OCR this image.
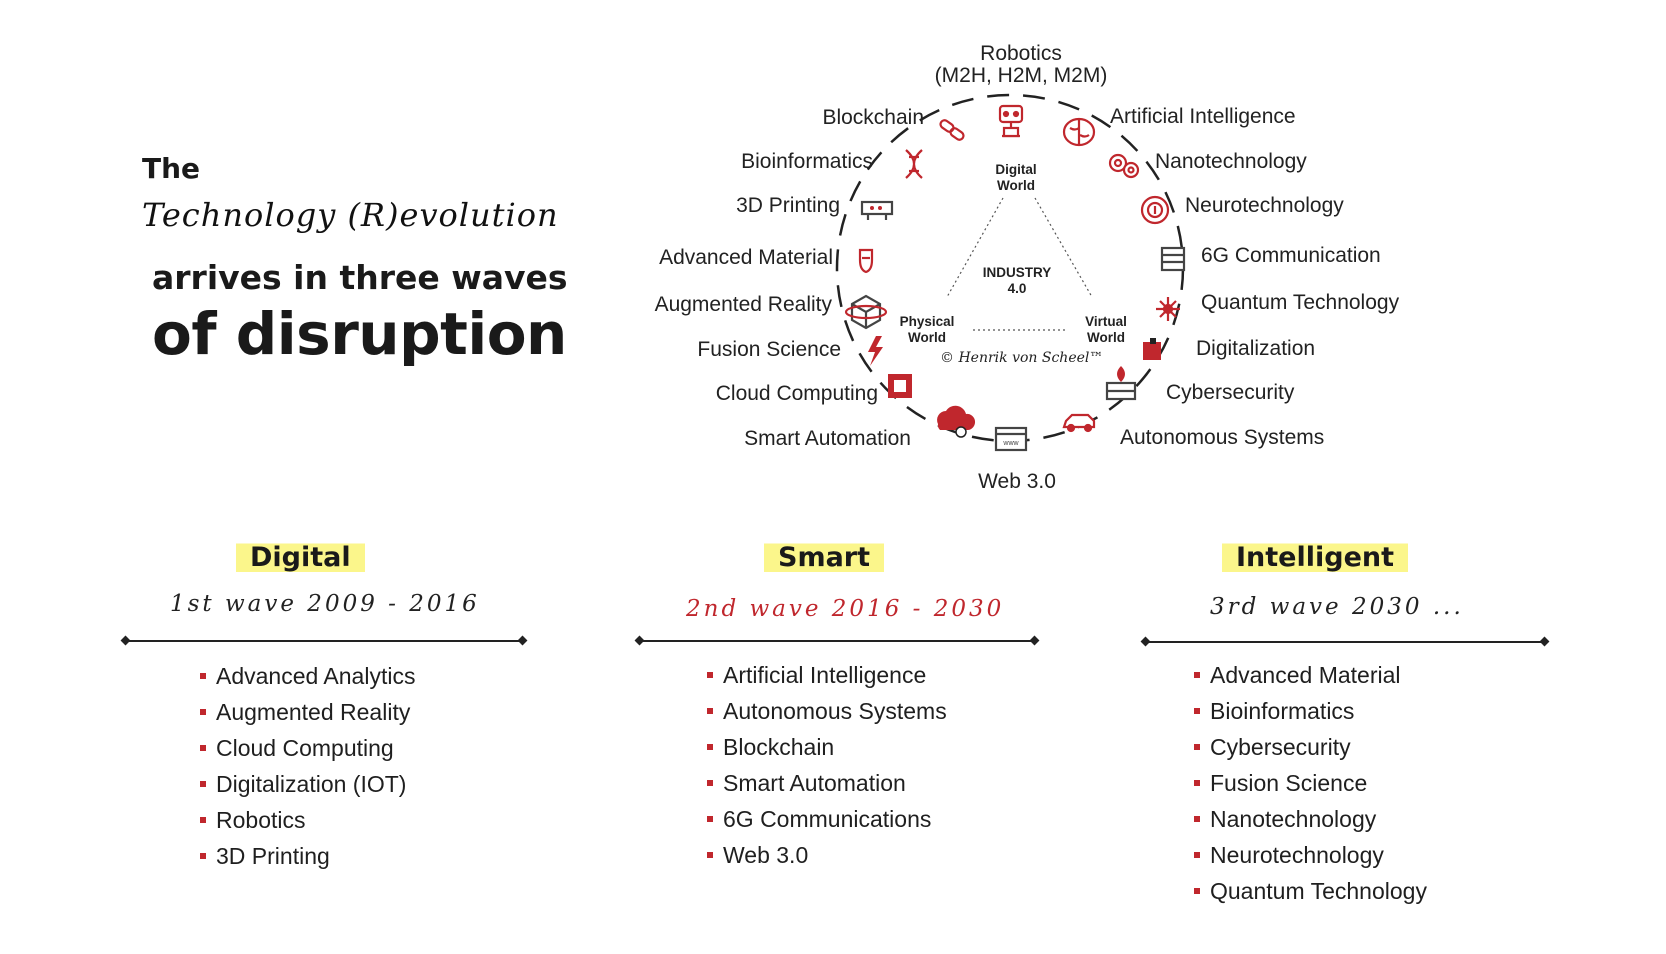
The
Technology (R)evolution
arrives in three waves
of disruption
www
Robotics
(M2H, H2M, M2M)
Artificial Intelligence
Nanotechnology
Neurotechnology
6G Communication
Quantum Technology
Digitalization
Cybersecurity
Autonomous Systems
Web 3.0
Smart Automation
Cloud Computing
Fusion Science
Augmented Reality
Advanced Material
3D Printing
Bioinformatics
Blockchain
Digital
World
INDUSTRY
4.0
Physical
World
Virtual
World
© Henrik von Scheel™
Digital
1st wave 2009 - 2016
Advanced Analytics
Augmented Reality
Cloud Computing
Digitalization (IOT)
Robotics
3D Printing
Smart
2nd wave 2016 - 2030
Artificial Intelligence
Autonomous Systems
Blockchain
Smart Automation
6G Communications
Web 3.0
Intelligent
3rd wave 2030 ...
Advanced Material
Bioinformatics
Cybersecurity
Fusion Science
Nanotechnology
Neurotechnology
Quantum Technology
